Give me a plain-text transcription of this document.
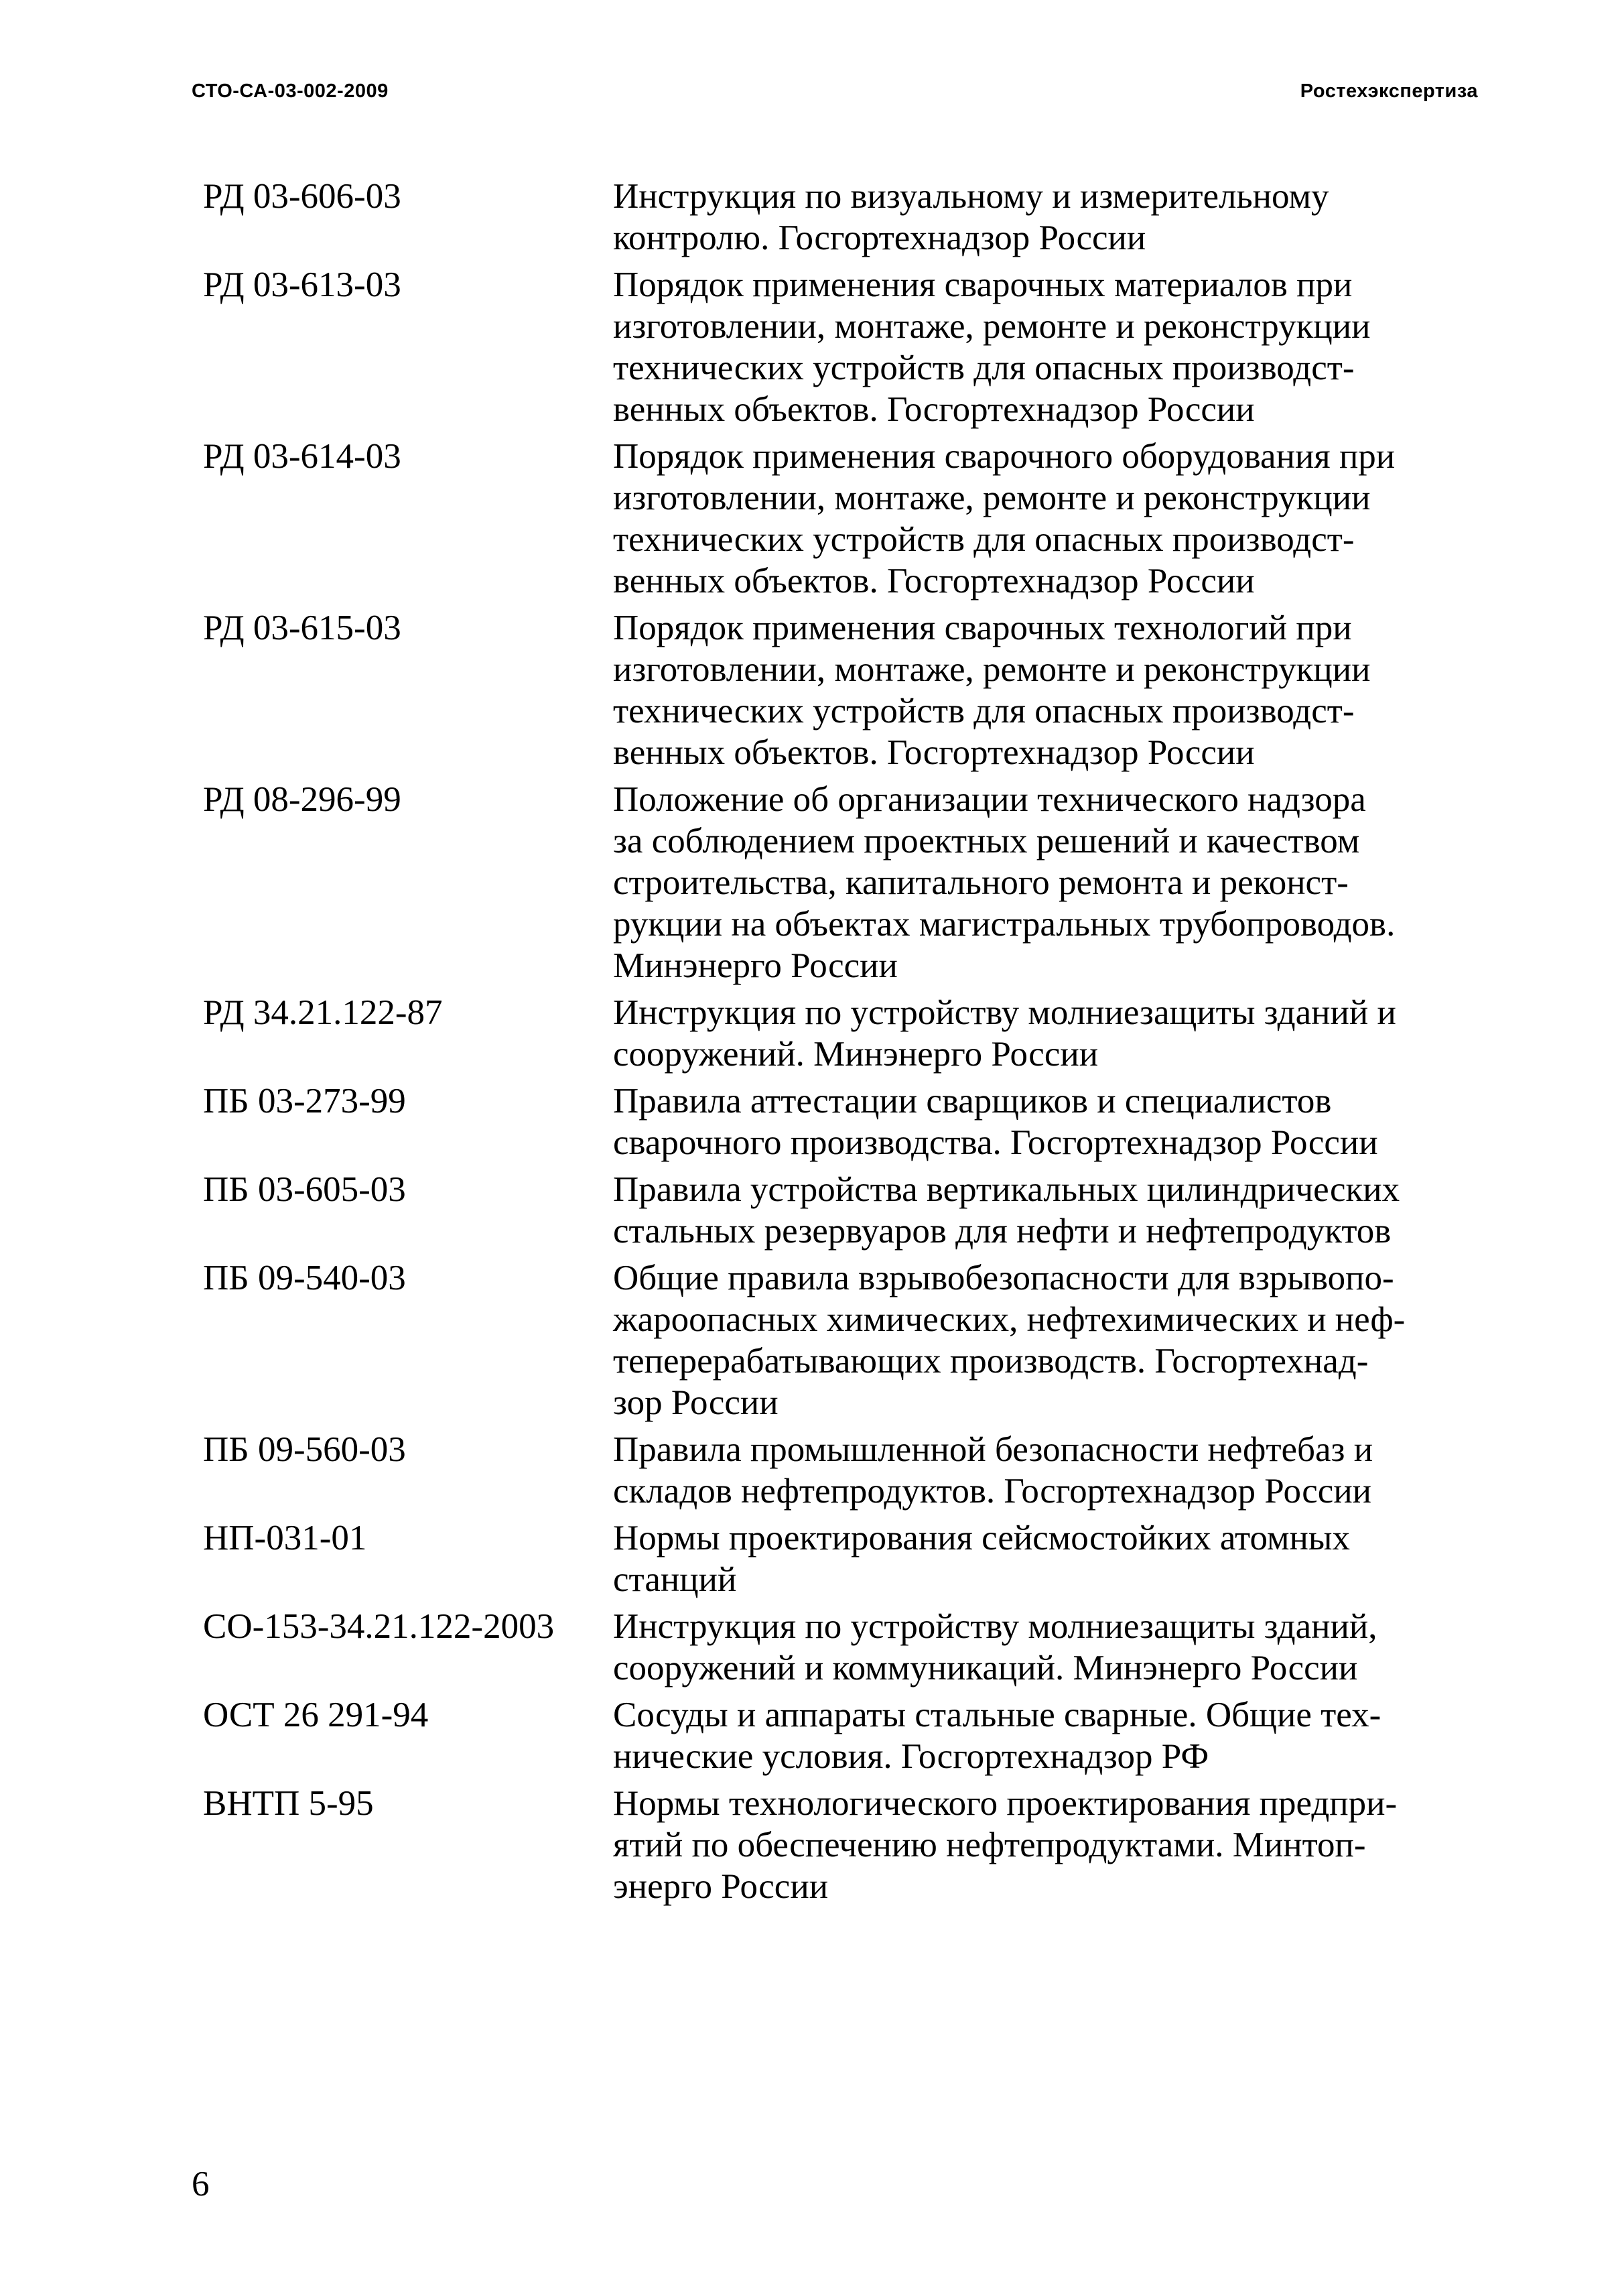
СТО-СА-03-002-2009	Ростехэкспертиза
РД 03-606-03	Инструкция по визуальному и измерительному
контролю. Госгортехнадзор России
РД 03-613-03	Порядок применения сварочных материалов при
изготовлении, монтаже, ремонте и реконструкции
технических устройств для опасных производст-
венных объектов. Госгортехнадзор России
РД 03-614-03	Порядок применения сварочного оборудования при
изготовлении, монтаже, ремонте и реконструкции
технических устройств для опасных производст-
венных объектов. Госгортехнадзор России
РД 03-615-03	Порядок применения сварочных технологий при
изготовлении, монтаже, ремонте и реконструкции
технических устройств для опасных производст-
венных объектов. Госгортехнадзор России
РД 08-296-99	Положение об организации технического надзора
за соблюдением проектных решений и качеством
строительства, капитального ремонта и реконст-
рукции на объектах магистральных трубопроводов.
Минэнерго России
РД 34.21.122-87	Инструкция по устройству молниезащиты зданий и
сооружений. Минэнерго России
ПБ 03-273-99	Правила аттестации сварщиков и специалистов
сварочного производства. Госгортехнадзор России
ПБ 03-605-03	Правила устройства вертикальных цилиндрических
стальных резервуаров для нефти и нефтепродуктов
ПБ 09-540-03	Общие правила взрывобезопасности для взрывопо-
жароопасных химических, нефтехимических и неф-
теперерабатывающих производств. Госгортехнад-
зор России
ПБ 09-560-03	Правила промышленной безопасности нефтебаз и
складов нефтепродуктов. Госгортехнадзор России
НП-031-01	Нормы проектирования сейсмостойких атомных
станций
СО-153-34.21.122-2003	Инструкция по устройству молниезащиты зданий,
сооружений и коммуникаций. Минэнерго России
ОСТ 26 291-94	Сосуды и аппараты стальные сварные. Общие тех-
нические условия. Госгортехнадзор РФ
ВНТП 5-95	Нормы технологического проектирования предпри-
ятий по обеспечению нефтепродуктами. Минтоп-
энерго России
6
